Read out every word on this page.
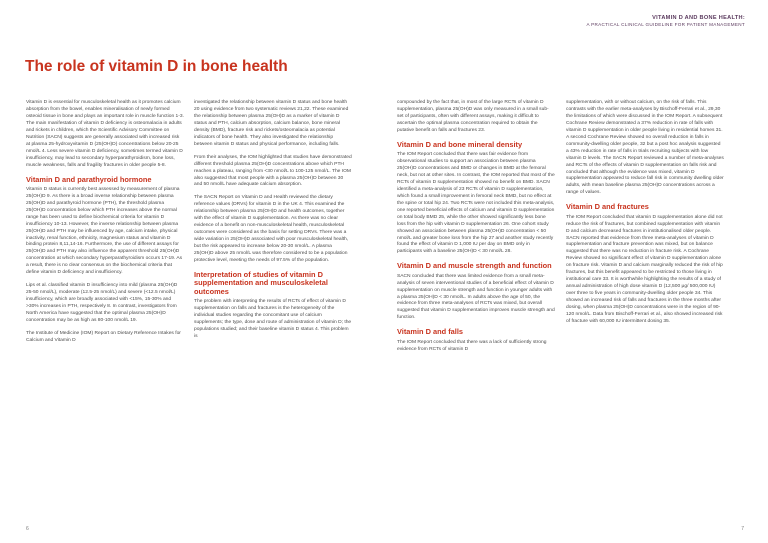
VITAMIN D AND BONE HEALTH:
A PRACTICAL CLINICAL GUIDELINE FOR PATIENT MANAGEMENT
The role of vitamin D in bone health

Vitamin D is essential for musculoskeletal health as it promotes calcium absorption from the bowel, enables mineralisation of newly formed osteoid tissue in bone and plays an important role in muscle function 1-3. The main manifestation of vitamin D deficiency is osteomalacia in adults and rickets in children, which the Scientific Advisory Committee on Nutrition (SACN) suggests are generally associated with increased risk at plasma 25-hydroxyvitamin D (25(OH)D) concentrations below 20-25 nmol/L 4. Less severe vitamin D deficiency, sometimes termed vitamin D insufficiency, may lead to secondary hyperparathyroidism, bone loss, muscle weakness, falls and fragility fractures in older people 5-8.

Vitamin D and parathyroid hormone

Vitamin D status is currently best assessed by measurement of plasma 25(OH)D 9. As there is a broad inverse relationship between plasma 25(OH)D and parathyroid hormone (PTH), the threshold plasma 25(OH)D concentration below which PTH increases above the normal range has been used to define biochemical criteria for vitamin D insufficiency 10-13. However, the inverse relationship between plasma 25(OH)D and PTH may be influenced by age, calcium intake, physical inactivity, renal function, ethnicity, magnesium status and vitamin D binding protein 8,11,14-16. Furthermore, the use of different assays for 25(OH)D and PTH may also influence the apparent threshold 25(OH)D concentration at which secondary hyperparathyroidism occurs 17-19. As a result, there is no clear consensus on the biochemical criteria that define vitamin D deficiency and insufficiency.

Lips et al. classified vitamin D insufficiency into mild (plasma 25(OH)D 25-50 nmol/L), moderate (12.5-25 nmol/L) and severe (<12.5 nmol/L) insufficiency, which are broadly associated with <15%, 15-30% and >30% increases in PTH, respectively 8. In contrast, investigators from North America have suggested that the optimal plasma 25(OH)D concentration may be as high as 80-100 nmol/L 19.

The Institute of Medicine (IOM) Report on Dietary Reference Intakes for Calcium and Vitamin D

investigated the relationship between vitamin D status and bone health 20 using evidence from two systematic reviews 21,22. These examined the relationship between plasma 25(OH)D as a marker of vitamin D status and PTH, calcium absorption, calcium balance, bone mineral density (BMD), fracture risk and rickets/osteomalacia as potential indicators of bone health. They also investigated the relationship between vitamin D status and physical performance, including falls.

From their analyses, the IOM highlighted that studies have demonstrated different threshold plasma 25(OH)D concentrations above which PTH reaches a plateau, ranging from <30 nmol/L to 100-125 nmol/L. The IOM also suggested that most people with a plasma 25(OH)D between 30 and 50 nmol/L have adequate calcium absorption.

The SACN Report on Vitamin D and Health reviewed the dietary reference values (DRVs) for vitamin D in the UK 4. This examined the relationship between plasma 25(OH)D and health outcomes, together with the effect of vitamin D supplementation. As there was no clear evidence of a benefit on non-musculoskeletal health, musculoskeletal outcomes were considered as the basis for setting DRVs. There was a wide variation in 25(OH)D associated with poor musculoskeletal health, but the risk appeared to increase below 20-30 nmol/L. A plasma 25(OH)D above 25 nmol/L was therefore considered to be a population protective level, meeting the needs of 97.5% of the population.

Interpretation of studies of vitamin D supplementation and musculoskeletal outcomes

The problem with interpreting the results of RCTs of effect of vitamin D supplementation on falls and fractures is the heterogeneity of the individual studies regarding the concomitant use of calcium supplements; the type, dose and route of administration of vitamin D; the populations studied; and their baseline vitamin D status 4. This problem is

compounded by the fact that, in most of the large RCTs of vitamin D supplementation, plasma 25(OH)D was only measured in a small sub-set of participants, often with different assays, making it difficult to ascertain the optimal plasma concentration required to obtain the putative benefit on falls and fractures 23.

Vitamin D and bone mineral density

The IOM Report concluded that there was fair evidence from observational studies to support an association between plasma 25(OH)D concentrations and BMD or changes in BMD at the femoral neck, but not at other sites. In contrast, the IOM reported that most of the RCTs of vitamin D supplementation showed no benefit on BMD. SACN identified a meta-analysis of 23 RCTs of vitamin D supplementation, which found a small improvement in femoral neck BMD, but no effect at the spine or total hip 24. Two RCTs were not included this meta-analysis, one reported beneficial effects of calcium and vitamin D supplementation on total body BMD 25, while the other showed significantly less bone loss from the hip with vitamin D supplementation 26. One cohort study showed an association between plasma 25(OH)D concentration < 50 nmol/L and greater bone loss from the hip 27 and another study recently found the effect of vitamin D 1,000 IU per day on BMD only in participants with a baseline 25(OH)D < 30 nmol/L 28.

Vitamin D and muscle strength and function

SACN concluded that there was limited evidence from a small meta-analysis of seven interventional studies of a beneficial effect of vitamin D supplementation on muscle strength and function in younger adults with a plasma 25(OH)D < 30 nmol/L. In adults above the age of 50, the evidence from three meta-analyses of RCTs was mixed, but overall suggested that vitamin D supplementation improves muscle strength and function.

Vitamin D and falls

The IOM Report concluded that there was a lack of sufficiently strong evidence from RCTs of vitamin D

supplementation, with or without calcium, on the risk of falls. This contrasts with the earlier meta-analyses by Bischoff-Ferrari et al., 29,30 the limitations of which were discussed in the IOM Report. A subsequent Cochrane Review demonstrated a 37% reduction in rate of falls with vitamin D supplementation in older people living in residential homes 31. A second Cochrane Review showed no overall reduction in falls in community-dwelling older people, 32 but a post hoc analysis suggested a 43% reduction in rate of falls in trials recruiting subjects with low vitamin D levels. The SACN Report reviewed a number of meta-analyses and RCTs of the effects of vitamin D supplementation on falls risk and concluded that although the evidence was mixed, vitamin D supplementation appeared to reduce fall risk in community dwelling older adults, with mean baseline plasma 25(OH)D concentrations across a range of values.

Vitamin D and fractures

The IOM Report concluded that vitamin D supplementation alone did not reduce the risk of fractures, but combined supplementation with vitamin D and calcium decreased fractures in institutionalised older people. SACN reported that evidence from three meta-analyses of vitamin D supplementation and fracture prevention was mixed, but on balance suggested that there was no reduction in fracture risk. A Cochrane Review showed no significant effect of vitamin D supplementation alone on fracture risk. Vitamin D and calcium marginally reduced the risk of hip fractures, but this benefit appeared to be restricted to those living in institutional care 33. It is worthwhile highlighting the results of a study of annual administration of high dose vitamin D (12,500 μg/ 500,000 IU) over three to five years in community-dwelling older people 34. This showed an increased risk of falls and fractures in the three months after dosing, when plasma 25(OH)D concentrations were in the region of 90-120 nmol/L. Data from Bischoff-Ferrari et al., also showed increased risk of fracture with 60,000 IU intermittent dosing 35.

6	7
